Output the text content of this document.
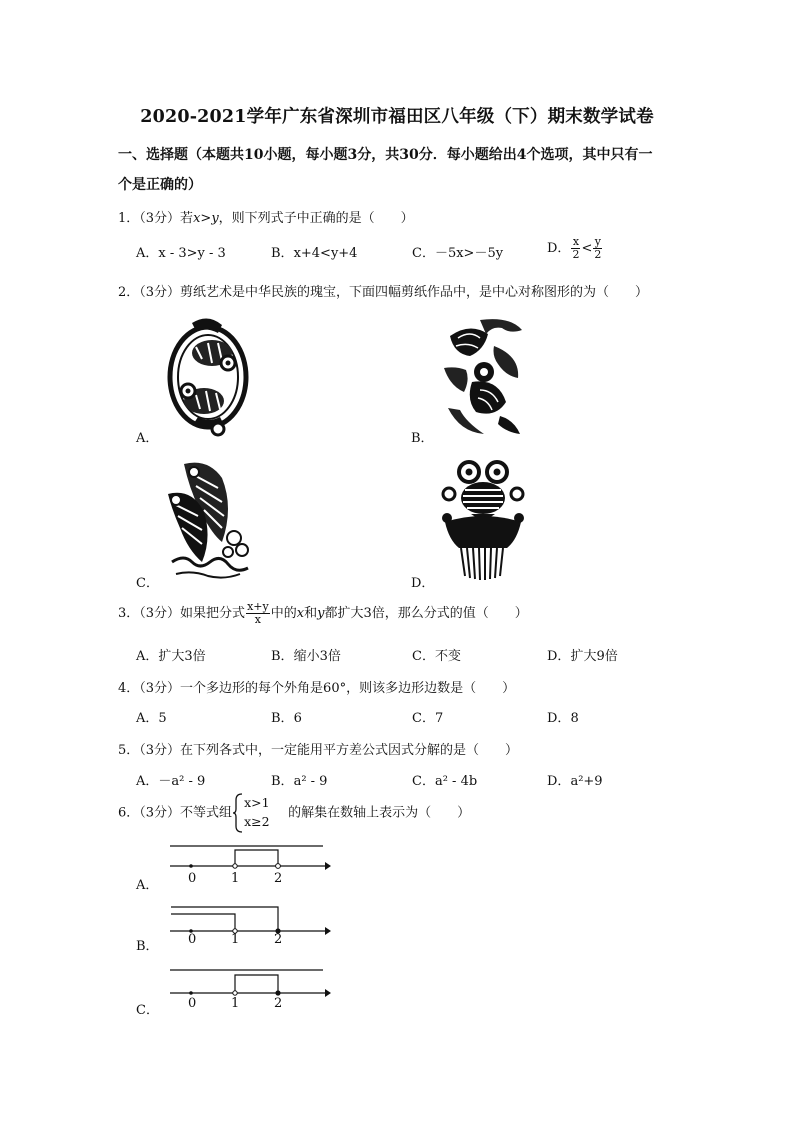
2020-2021学年广东省深圳市福田区八年级（下）期末数学试卷
一、选择题（本题共10小题，每小题3分，共30分．每小题给出4个选项，其中只有一
个是正确的）
1．（3分）若x>y，则下列式子中正确的是（　　）
A．x - 3>y - 3	B．x+4<y+4	C．－5x>－5y	D． $\frac{x}{2} < \frac{y}{2}$
2．（3分）剪纸艺术是中华民族的瑰宝，下面四幅剪纸作品中，是中心对称图形的为（　　）
A．	B．
C．	D．
3．（3分）如果把分式 $\frac{x+y}{x}$ 中的x和y都扩大3倍，那么分式的值（　　）
A．扩大3倍	B．缩小3倍	C．不变	D．扩大9倍
4．（3分）一个多边形的每个外角是60°，则该多边形边数是（　　）
A．5	B．6	C．7	D．8
5．（3分）在下列各式中，一定能用平方差公式因式分解的是（　　）
A．－a² - 9	B．a² - 9	C．a² - 4b	D．a²+9
6．（3分）不等式组
x>1
x≥2
的解集在数轴上表示为（　　）
A． 0	1	2
B． 0	1	2
C． 0	1	2
